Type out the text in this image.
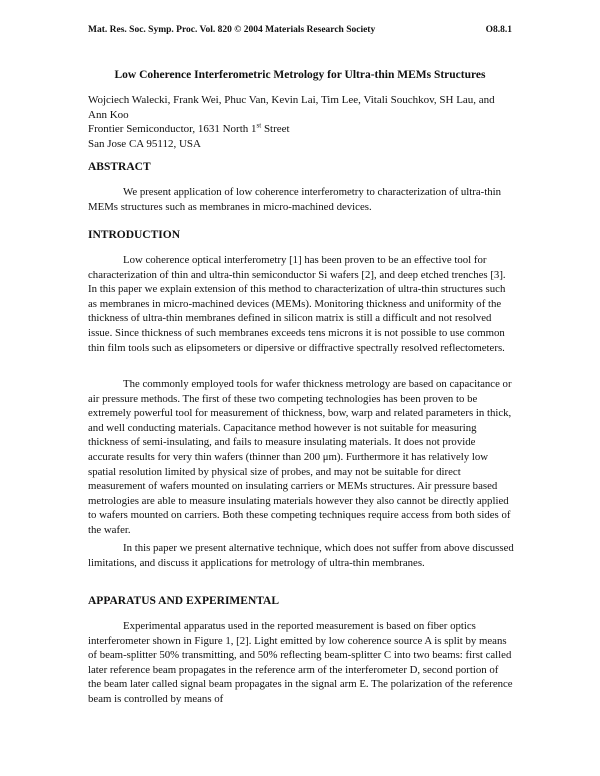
Mat. Res. Soc. Symp. Proc. Vol. 820 © 2004 Materials Research Society	O8.8.1
Low Coherence Interferometric Metrology for Ultra-thin MEMs Structures
Wojciech Walecki, Frank Wei, Phuc Van, Kevin Lai, Tim Lee, Vitali Souchkov, SH Lau, and Ann Koo
Frontier Semiconductor, 1631 North 1st Street
San Jose CA 95112, USA
ABSTRACT

We present application of low coherence interferometry to characterization of ultra-thin MEMs structures such as membranes in micro-machined devices.

INTRODUCTION

Low coherence optical interferometry [1] has been proven to be an effective tool for characterization of thin and ultra-thin semiconductor Si wafers [2], and deep etched trenches [3]. In this paper we explain extension of this method to characterization of ultra-thin structures such as membranes in micro-machined devices (MEMs). Monitoring thickness and uniformity of the thickness of ultra-thin membranes defined in silicon matrix is still a difficult and not resolved issue. Since thickness of such membranes exceeds tens microns it is not possible to use common thin film tools such as elipsometers or dipersive or diffractive spectrally resolved reflectometers.

The commonly employed tools for wafer thickness metrology are based on capacitance or air pressure methods. The first of these two competing technologies has been proven to be extremely powerful tool for measurement of thickness, bow, warp and related parameters in thick, and well conducting materials. Capacitance method however is not suitable for measuring thickness of semi-insulating, and fails to measure insulating materials. It does not provide accurate results for very thin wafers (thinner than 200 μm). Furthermore it has relatively low spatial resolution limited by physical size of probes, and may not be suitable for direct measurement of wafers mounted on insulating carriers or MEMs structures. Air pressure based metrologies are able to measure insulating materials however they also cannot be directly applied to wafers mounted on carriers. Both these competing techniques require access from both sides of the wafer.

In this paper we present alternative technique, which does not suffer from above discussed limitations, and discuss it applications for metrology of ultra-thin membranes.

APPARATUS AND EXPERIMENTAL

Experimental apparatus used in the reported measurement is based on fiber optics interferometer shown in Figure 1, [2]. Light emitted by low coherence source A is split by means of beam-splitter 50% transmitting, and 50% reflecting beam-splitter C into two beams: first called later reference beam propagates in the reference arm of the interferometer D, second portion of the beam later called signal beam propagates in the signal arm E. The polarization of the reference beam is controlled by means of
